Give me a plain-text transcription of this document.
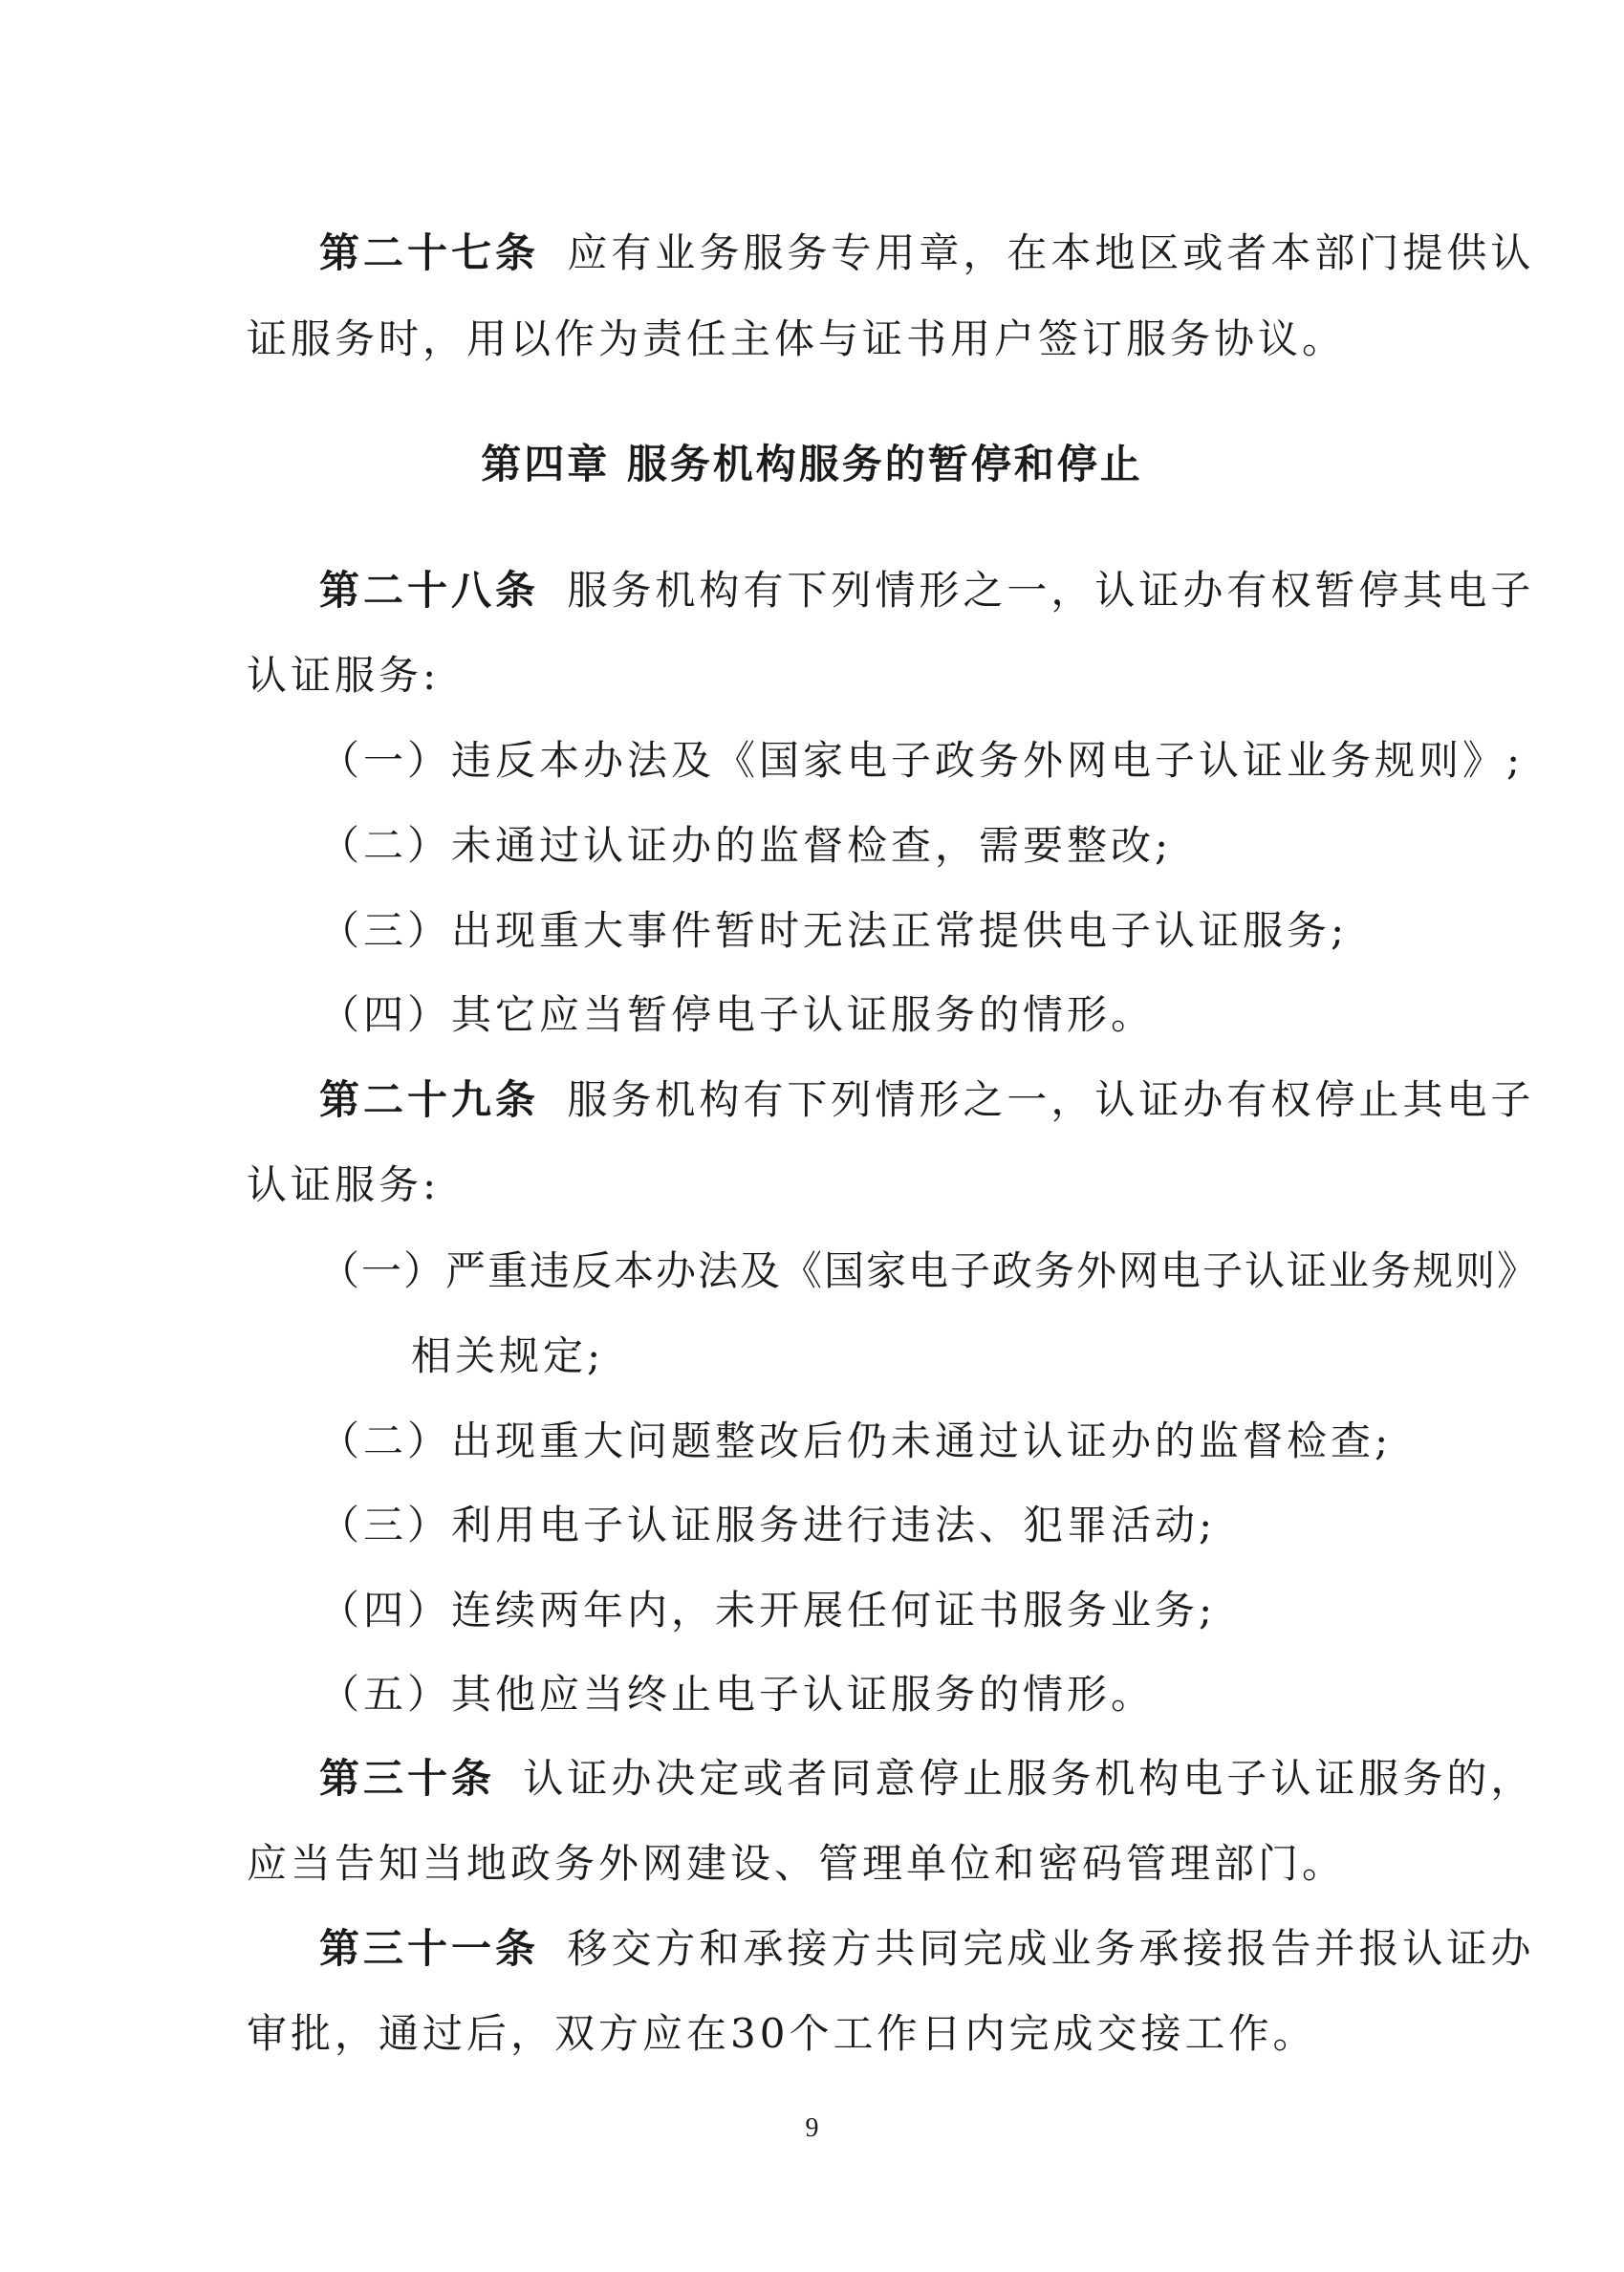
第二十七条 应有业务服务专用章，在本地区或者本部门提供认

证服务时，用以作为责任主体与证书用户签订服务协议。

第四章 服务机构服务的暂停和停止

第二十八条 服务机构有下列情形之一，认证办有权暂停其电子

认证服务:

（一）违反本办法及《国家电子政务外网电子认证业务规则》;

（二）未通过认证办的监督检查，需要整改;

（三）出现重大事件暂时无法正常提供电子认证服务;

（四）其它应当暂停电子认证服务的情形。

第二十九条 服务机构有下列情形之一，认证办有权停止其电子

认证服务:

（一）严重违反本办法及《国家电子政务外网电子认证业务规则》

相关规定;

（二）出现重大问题整改后仍未通过认证办的监督检查;

（三）利用电子认证服务进行违法、犯罪活动;

（四）连续两年内，未开展任何证书服务业务;

（五）其他应当终止电子认证服务的情形。

第三十条 认证办决定或者同意停止服务机构电子认证服务的，

应当告知当地政务外网建设、管理单位和密码管理部门。

第三十一条 移交方和承接方共同完成业务承接报告并报认证办

审批，通过后，双方应在30个工作日内完成交接工作。

9
